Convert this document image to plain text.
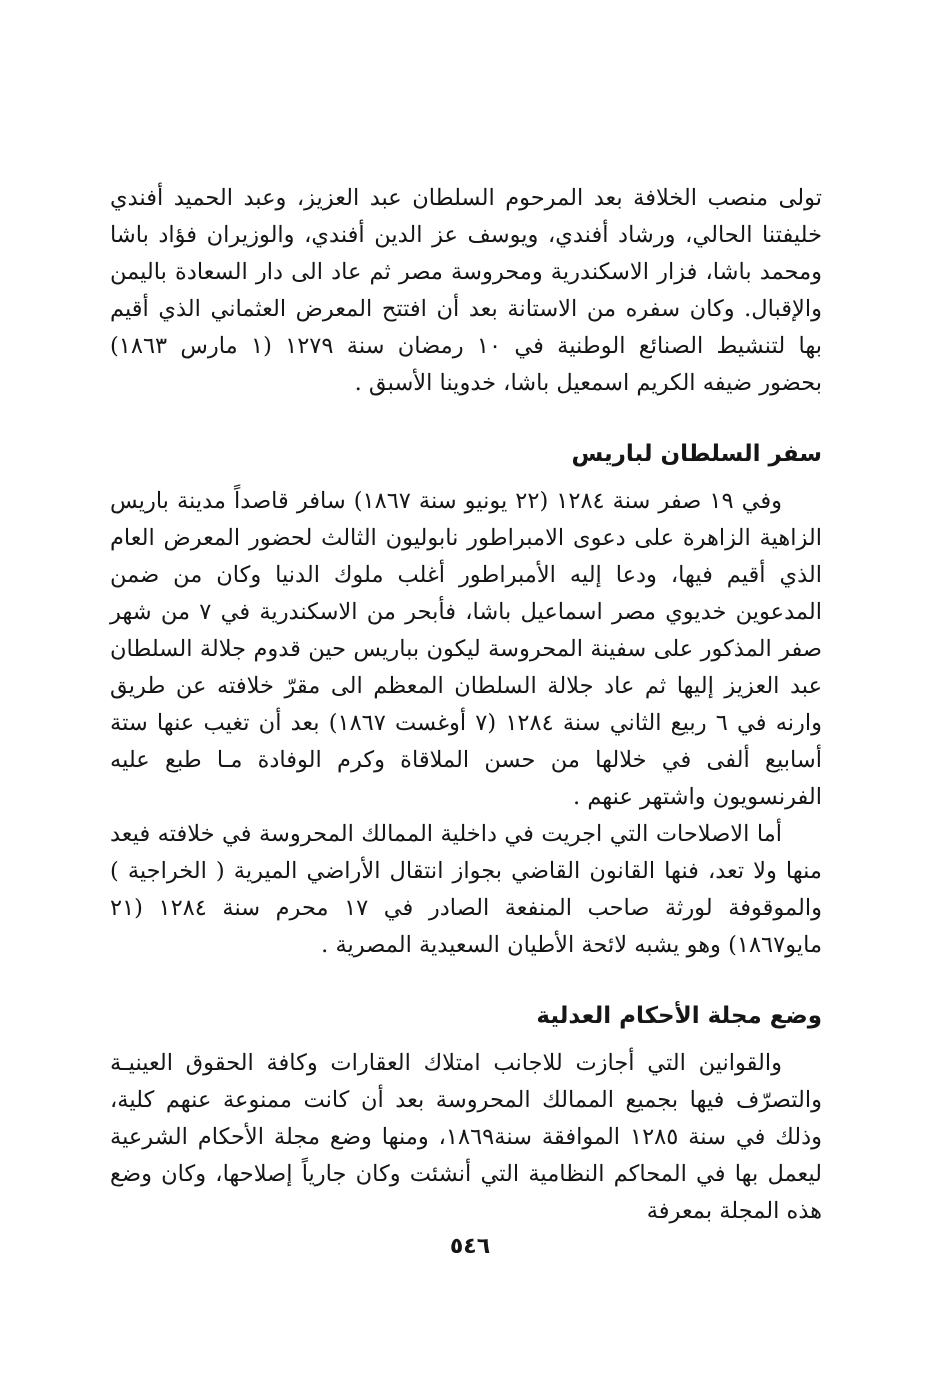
تولى منصب الخلافة بعد المرحوم السلطان عبد العزيز، وعبد الحميد أفندي خليفتنا الحالي، ورشاد أفندي، ويوسف عز الدين أفندي، والوزيران فؤاد باشا ومحمد باشا، فزار الاسكندرية ومحروسة مصر ثم عاد الى دار السعادة باليمن والإقبال. وكان سفره من الاستانة بعد أن افتتح المعرض العثماني الذي أقيم بها لتنشيط الصنائع الوطنية في ١٠ رمضان سنة ١٢٧٩ (١ مارس ١٨٦٣) بحضور ضيفه الكريم اسمعيل باشا، خدوينا الأسبق .

سفر السلطان لباريس

وفي ١٩ صفر سنة ١٢٨٤ (٢٢ يونيو سنة ١٨٦٧) سافر قاصداً مدينة باريس الزاهية الزاهرة على دعوى الامبراطور نابوليون الثالث لحضور المعرض العام الذي أقيم فيها، ودعا إليه الأمبراطور أغلب ملوك الدنيا وكان من ضمن المدعوين خديوي مصر اسماعيل باشا، فأبحر من الاسكندرية في ٧ من شهر صفر المذكور على سفينة المحروسة ليكون بباريس حين قدوم جلالة السلطان عبد العزيز إليها ثم عاد جلالة السلطان المعظم الى مقرّ خلافته عن طريق وارنه في ٦ ربيع الثاني سنة ١٢٨٤ (٧ أوغست ١٨٦٧) بعد أن تغيب عنها ستة أسابيع ألفى في خلالها من حسن الملاقاة وكرم الوفادة مـا طبع عليه الفرنسويون واشتهر عنهم .

أما الاصلاحات التي اجريت في داخلية الممالك المحروسة في خلافته فيعد منها ولا تعد، فنها القانون القاضي بجواز انتقال الأراضي الميرية ( الخراجية ) والموقوفة لورثة صاحب المنفعة الصادر في ١٧ محرم سنة ١٢٨٤ (٢١ مايو١٨٦٧) وهو يشبه لائحة الأطيان السعيدية المصرية .

وضع مجلة الأحكام العدلية

والقوانين التي أجازت للاجانب امتلاك العقارات وكافة الحقوق العينيـة والتصرّف فيها بجميع الممالك المحروسة بعد أن كانت ممنوعة عنهم كلية، وذلك في سنة ١٢٨٥ الموافقة سنة١٨٦٩، ومنها وضع مجلة الأحكام الشرعية ليعمل بها في المحاكم النظامية التي أنشئت وكان جارياً إصلاحها، وكان وضع هذه المجلة بمعرفة

٥٤٦
